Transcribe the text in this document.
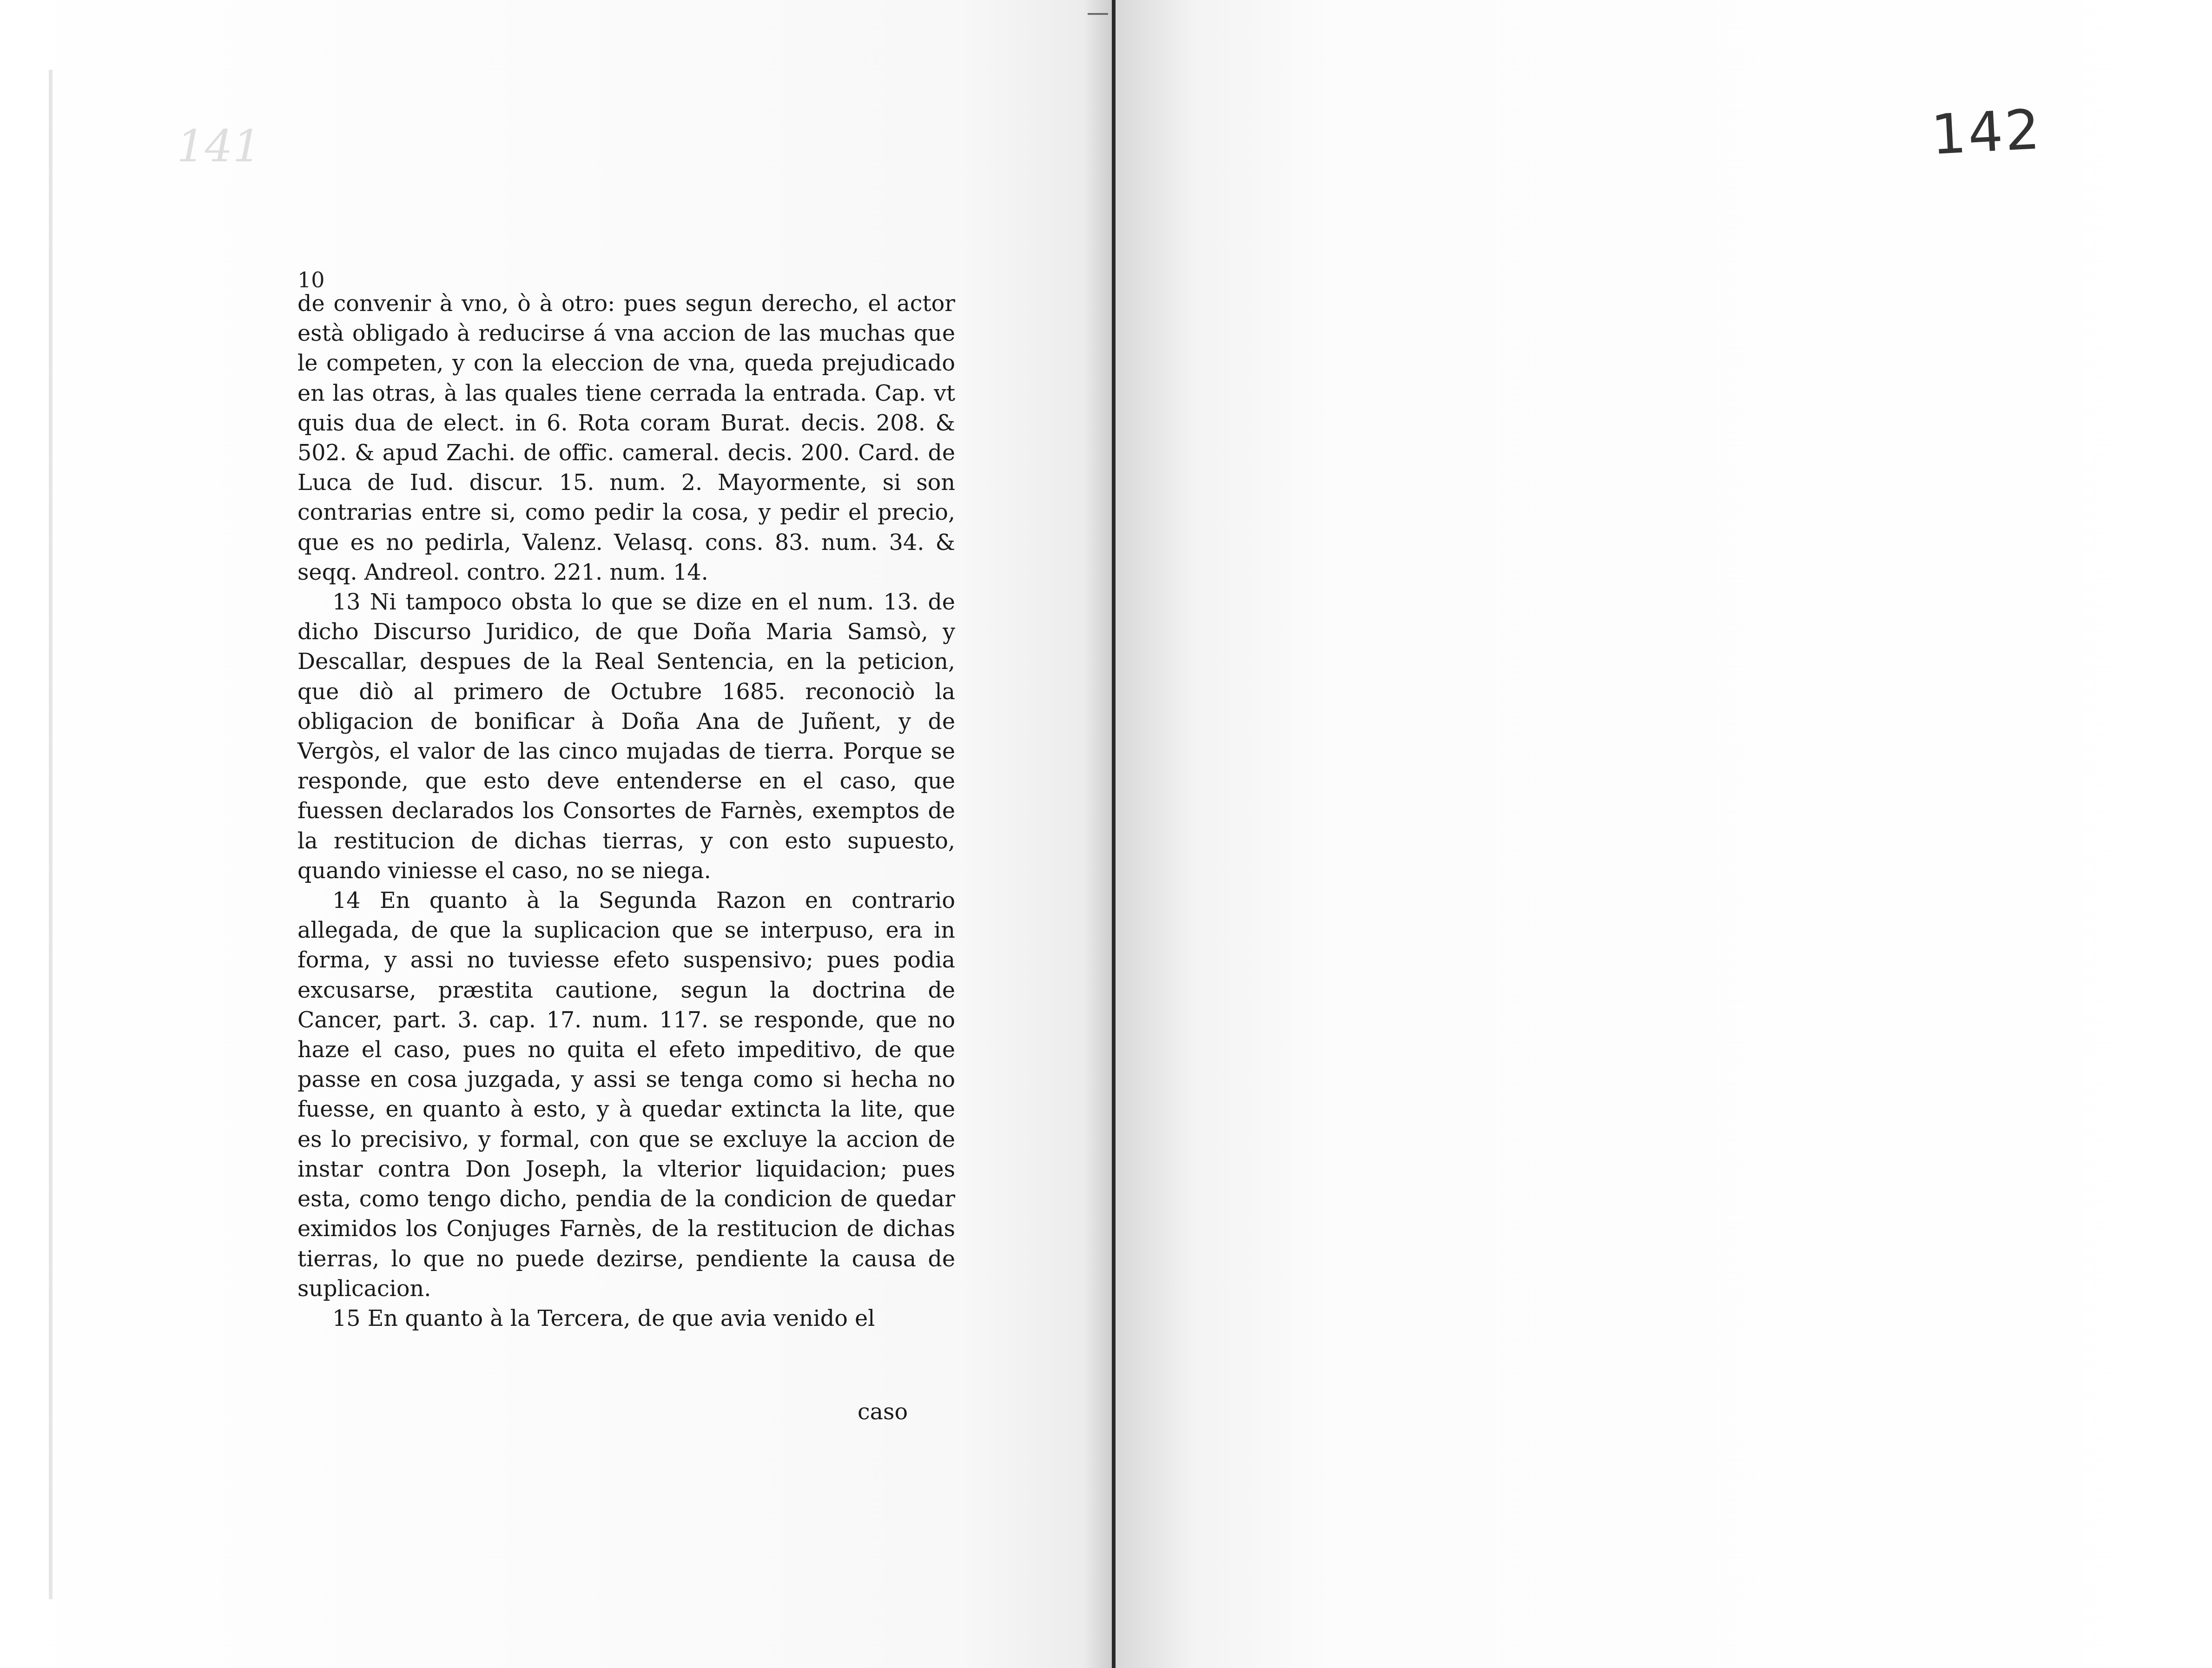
141
10

de convenir à vno, ò à otro: pues segun derecho, el actor està obligado à reducirse á vna accion de las muchas que le competen, y con la eleccion de vna, queda prejudicado en las otras, à las quales tiene cerrada la entrada. Cap. vt quis dua de elect. in 6. Rota coram Burat. decis. 208. & 502. & apud Zachi. de offic. cameral. decis. 200. Card. de Luca de Iud. discur. 15. num. 2. Mayormente, si son contrarias entre si, como pedir la cosa, y pedir el precio, que es no pedirla, Valenz. Velasq. cons. 83. num. 34. & seqq. Andreol. contro. 221. num. 14.

13 Ni tampoco obsta lo que se dize en el num. 13. de dicho Discurso Juridico, de que Doña Maria Samsò, y Descallar, despues de la Real Sentencia, en la peticion, que diò al primero de Octubre 1685. reconociò la obligacion de bonificar à Doña Ana de Juñent, y de Vergòs, el valor de las cinco mujadas de tierra. Porque se responde, que esto deve entenderse en el caso, que fuessen declarados los Consortes de Farnès, exemptos de la restitucion de dichas tierras, y con esto supuesto, quando viniesse el caso, no se niega.

14 En quanto à la Segunda Razon en contrario allegada, de que la suplicacion que se interpuso, era in forma, y assi no tuviesse efeto suspensivo; pues podia excusarse, præstita cautione, segun la doctrina de Cancer, part. 3. cap. 17. num. 117. se responde, que no haze el caso, pues no quita el efeto impeditivo, de que passe en cosa juzgada, y assi se tenga como si hecha no fuesse, en quanto à esto, y à quedar extincta la lite, que es lo precisivo, y formal, con que se excluye la accion de instar contra Don Joseph, la vlterior liquidacion; pues esta, como tengo dicho, pendia de la condicion de quedar eximidos los Conjuges Farnès, de la restitucion de dichas tierras, lo que no puede dezirse, pendiente la causa de suplicacion.

15 En quanto à la Tercera, de que avia venido el

caso

142
